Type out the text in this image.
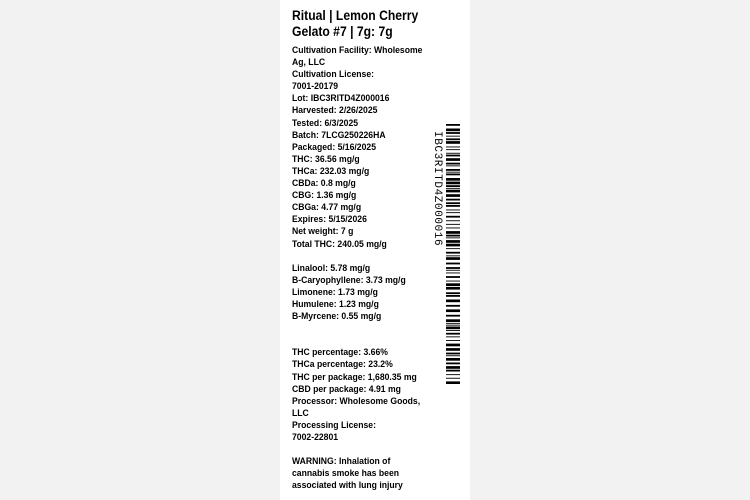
Ritual | Lemon Cherry
Gelato #7 | 7g: 7g
Cultivation Facility: Wholesome
Ag, LLC
Cultivation License:
7001-20179
Lot: IBC3RITD4Z000016
Harvested: 2/26/2025
Tested: 6/3/2025
Batch: 7LCG250226HA
Packaged: 5/16/2025
THC: 36.56 mg/g
THCa: 232.03 mg/g
CBDa: 0.8 mg/g
CBG: 1.36 mg/g
CBGa: 4.77 mg/g
Expires: 5/15/2026
Net weight: 7 g
Total THC: 240.05 mg/g
Linalool: 5.78 mg/g
B-Caryophyllene: 3.73 mg/g
Limonene: 1.73 mg/g
Humulene: 1.23 mg/g
B-Myrcene: 0.55 mg/g
THC percentage: 3.66%
THCa percentage: 23.2%
THC per package: 1,680.35 mg
CBD per package: 4.91 mg
Processor: Wholesome Goods,
LLC
Processing License:
7002-22801
WARNING: Inhalation of
cannabis smoke has been
associated with lung injury
IBC3RITD4Z000016
